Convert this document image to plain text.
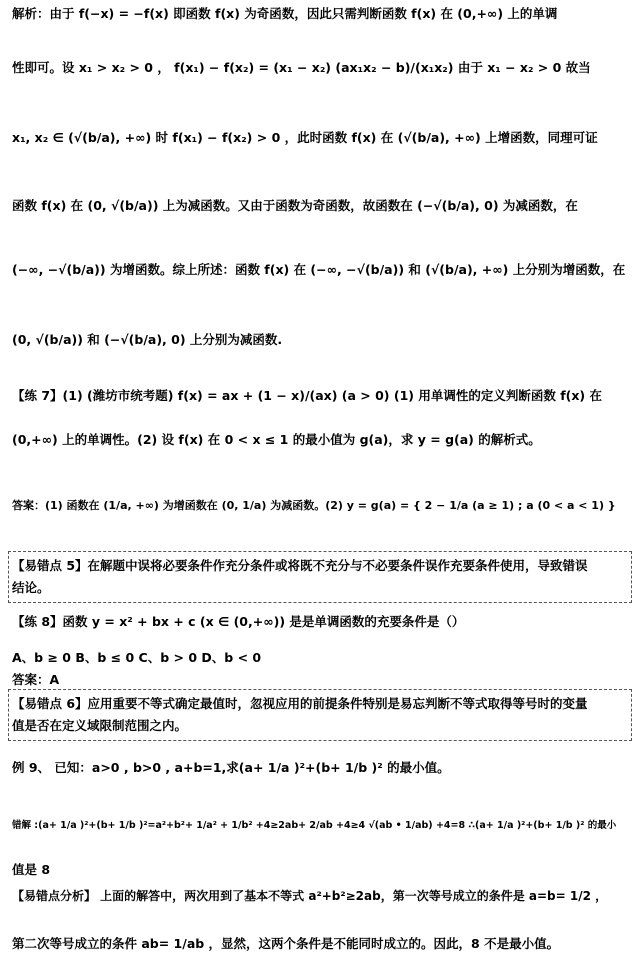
解析：由于 f(−x) = −f(x) 即函数 f(x) 为奇函数，因此只需判断函数 f(x) 在 (0,+∞) 上的单调
性即可。设 x₁ > x₂ > 0 ， f(x₁) − f(x₂) = (x₁ − x₂) (ax₁x₂ − b)/(x₁x₂) 由于 x₁ − x₂ > 0 故当
x₁, x₂ ∈ (√(b/a), +∞) 时 f(x₁) − f(x₂) > 0 ，此时函数 f(x) 在 (√(b/a), +∞) 上增函数，同理可证
函数 f(x) 在 (0, √(b/a)) 上为减函数。又由于函数为奇函数，故函数在 (−√(b/a), 0) 为减函数，在
(−∞, −√(b/a)) 为增函数。综上所述：函数 f(x) 在 (−∞, −√(b/a)) 和 (√(b/a), +∞) 上分别为增函数，在
(0, √(b/a)) 和 (−√(b/a), 0) 上分别为减函数.
【练 7】(1) (潍坊市统考题) f(x) = ax + (1 − x)/(ax) (a > 0) (1) 用单调性的定义判断函数 f(x) 在
(0,+∞) 上的单调性。(2) 设 f(x) 在 0 < x ≤ 1 的最小值为 g(a)，求 y = g(a) 的解析式。
答案：(1) 函数在 (1/a, +∞) 为增函数在 (0, 1/a) 为减函数。(2) y = g(a) = { 2 − 1/a (a ≥ 1) ; a (0 < a < 1) }
【易错点 5】在解题中误将必要条件作充分条件或将既不充分与不必要条件误作充要条件使用，导致错误
结论。
【练 8】函数 y = x² + bx + c (x ∈ (0,+∞)) 是是单调函数的充要条件是（）
A、b ≥ 0 B、b ≤ 0 C、b > 0 D、b < 0
答案：A
【易错点 6】应用重要不等式确定最值时，忽视应用的前提条件特别是易忘判断不等式取得等号时的变量
值是否在定义域限制范围之内。
例 9、 已知：a>0 , b>0 , a+b=1,求(a+ 1/a )²+(b+ 1/b )² 的最小值。
错解 :(a+ 1/a )²+(b+ 1/b )²=a²+b²+ 1/a² + 1/b² +4≥2ab+ 2/ab +4≥4 √(ab • 1/ab) +4=8 ∴(a+ 1/a )²+(b+ 1/b )² 的最小
值是 8
【易错点分析】 上面的解答中，两次用到了基本不等式 a²+b²≥2ab，第一次等号成立的条件是 a=b= 1/2 ，
第二次等号成立的条件 ab= 1/ab ，显然，这两个条件是不能同时成立的。因此，8 不是最小值。
